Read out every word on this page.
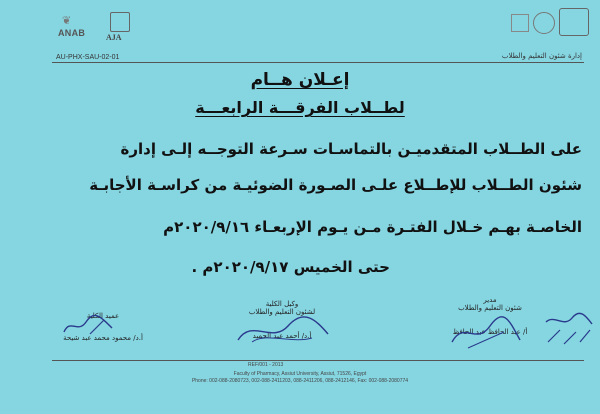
❦
ANAB	AJA
AU-PHX-SAU-02-01	إدارة شئون التعليم والطلاب
إعـلان هــام
لطــلاب الفرقـــة الرابعـــة
على الطــلاب المتقدميـن بالتماسـات سـرعة التوجــه إلـى إدارة
شئون الطــلاب للإطــلاع علـى الصـورة الضوئيـة من كراسـة الأجابـة
الخاصـة بهـم خـلال الفتـرة مـن يـوم الإربعـاء ٢٠٢٠/٩/١٦م
حتى الخميس ٢٠٢٠/٩/١٧م .
عميد الكلية
أ.د/ محمود محمد عبد شيحة
وكيل الكلية
لشئون التعليم والطلاب
أ.د/ أحمد عبد الحميد
مدير
شئون التعليم والطلاب
أ/ عبد الحافظ عبد الحافظ
REF/001 - 2013
Faculty of Pharmacy, Assiut University, Assiut, 71526, Egypt
Phone: 002-088-2080723, 002-088-2411203, 088-2411206, 088-2412146, Fax: 002-088-2080774
